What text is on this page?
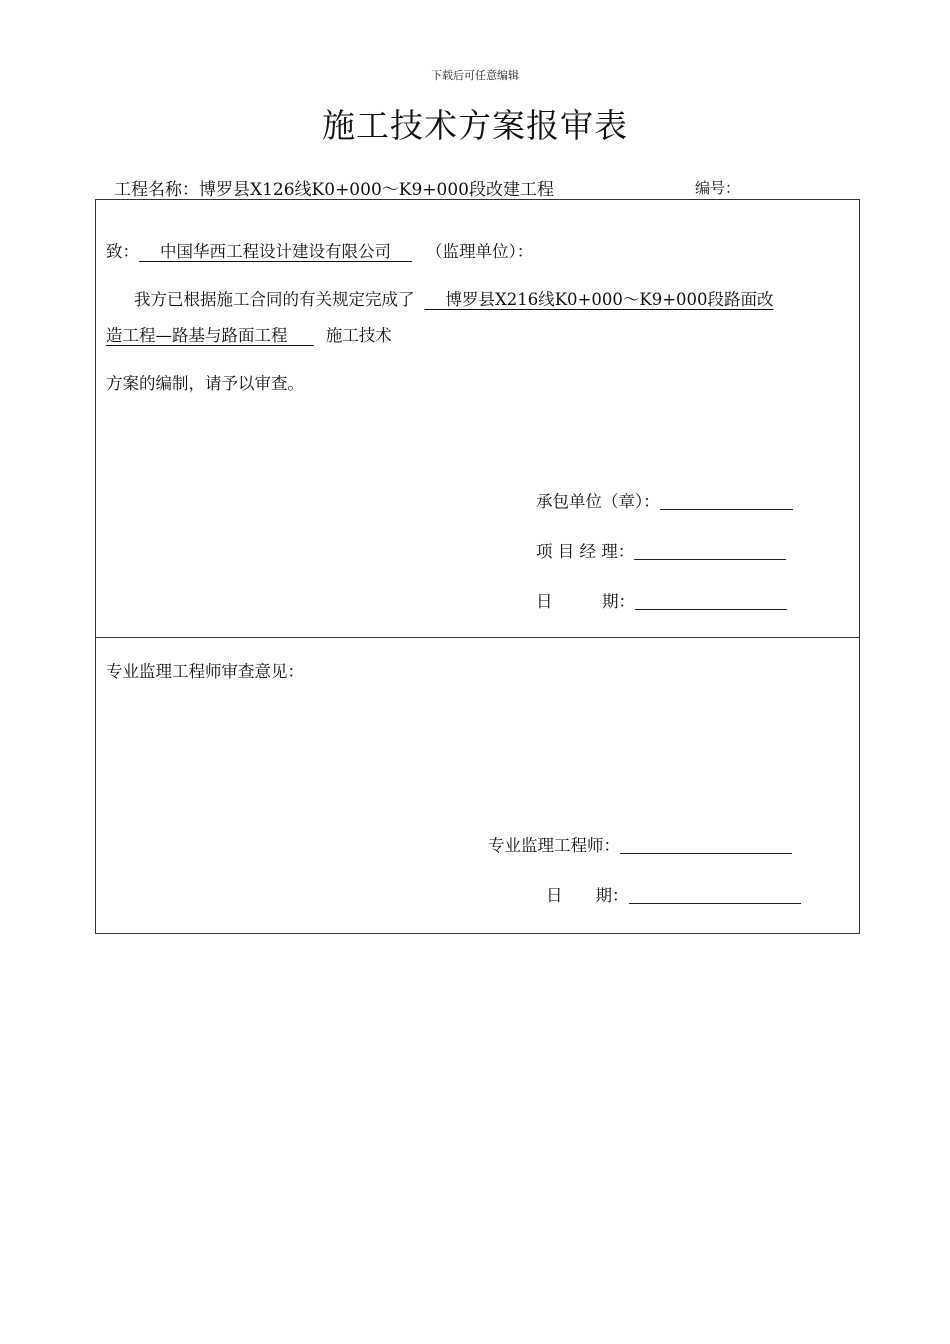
下载后可任意编辑
施工技术方案报审表
工程名称：博罗县X126线K0+000～K9+000段改建工程	编号：
致： 中国华西工程设计建设有限公司 （监理单位）：
我方已根据施工合同的有关规定完成了 博罗县X216线K0+000～K9+000段路面改
造工程—路基与路面工程 施工技术
方案的编制，请予以审查。
承包单位（章）：
项 目 经 理：
日　　　期：
专业监理工程师审查意见：
专业监理工程师：
日　　期：
